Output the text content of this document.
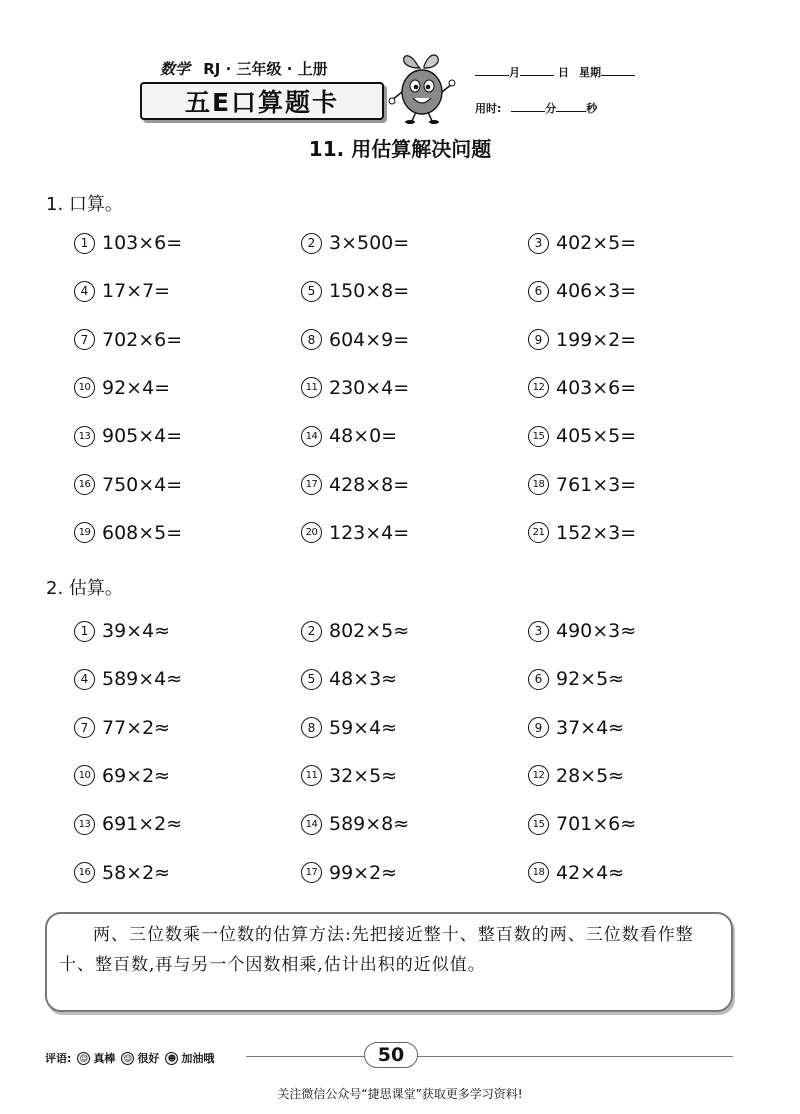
数学 RJ · 三年级 · 上册
五E口算题卡
月	日 星期
用时:	分	秒
11. 用估算解决问题
1. 口算。
1 103×6=	2 3×500=	3 402×5=
4 17×7=	5 150×8=	6 406×3=
7 702×6=	8 604×9=	9 199×2=
10 92×4=	11 230×4=	12 403×6=
13 905×4=	14 48×0=	15 405×5=
16 750×4=	17 428×8=	18 761×3=
19 608×5=	20 123×4=	21 152×3=
2. 估算。
1 39×4≈	2 802×5≈	3 490×3≈
4 589×4≈	5 48×3≈	6 92×5≈
7 77×2≈	8 59×4≈	9 37×4≈
10 69×2≈	11 32×5≈	12 28×5≈
13 691×2≈	14 589×8≈	15 701×6≈
16 58×2≈	17 99×2≈	18 42×4≈
两、三位数乘一位数的估算方法:先把接近整十、整百数的两、三位数看作整十、整百数,再与另一个因数相乘,估计出积的近似值。
评语: ☺ 真棒 ☺ 很好 ☻ 加油哦	50
关注微信公众号“捷思课堂”获取更多学习资料!
